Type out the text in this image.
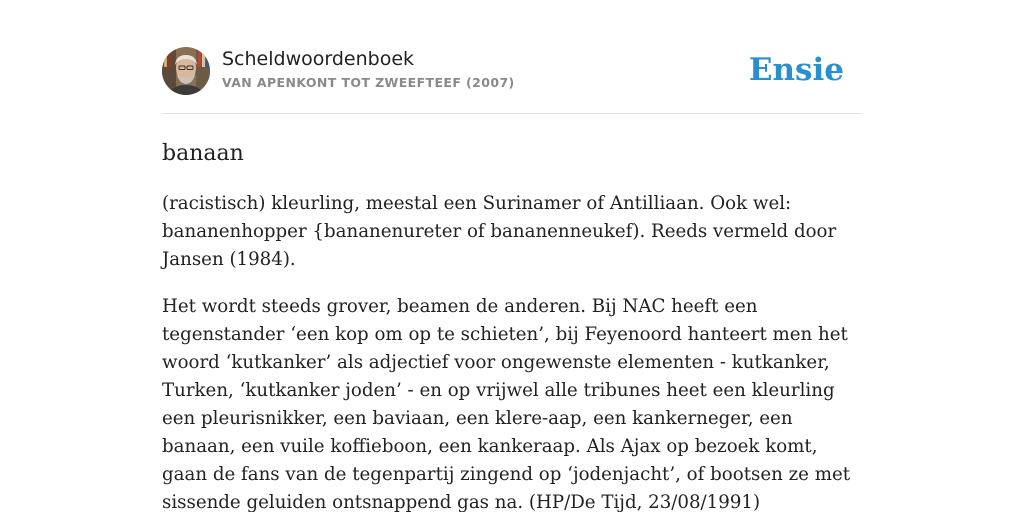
Scheldwoordenboek
VAN APENKONT TOT ZWEEFTEEF (2007)	Ensie
banaan

(racistisch) kleurling, meestal een Surinamer of Antilliaan. Ook wel: bananenhopper {bananenureter of bananenneukef). Reeds vermeld door Jansen (1984).

Het wordt steeds grover, beamen de anderen. Bij NAC heeft een tegenstander ‘een kop om op te schieten’, bij Feyenoord hanteert men het woord ‘kutkanker’ als adjectief voor ongewenste elementen - kutkanker, Turken, ‘kutkanker joden’ - en op vrijwel alle tribunes heet een kleurling een pleurisnikker, een baviaan, een klere-aap, een kankerneger, een banaan, een vuile koffieboon, een kankeraap. Als Ajax op bezoek komt, gaan de fans van de tegenpartij zingend op ‘jodenjacht’, of bootsen ze met sissende geluiden ontsnappend gas na. (HP/De Tijd, 23/08/1991)
